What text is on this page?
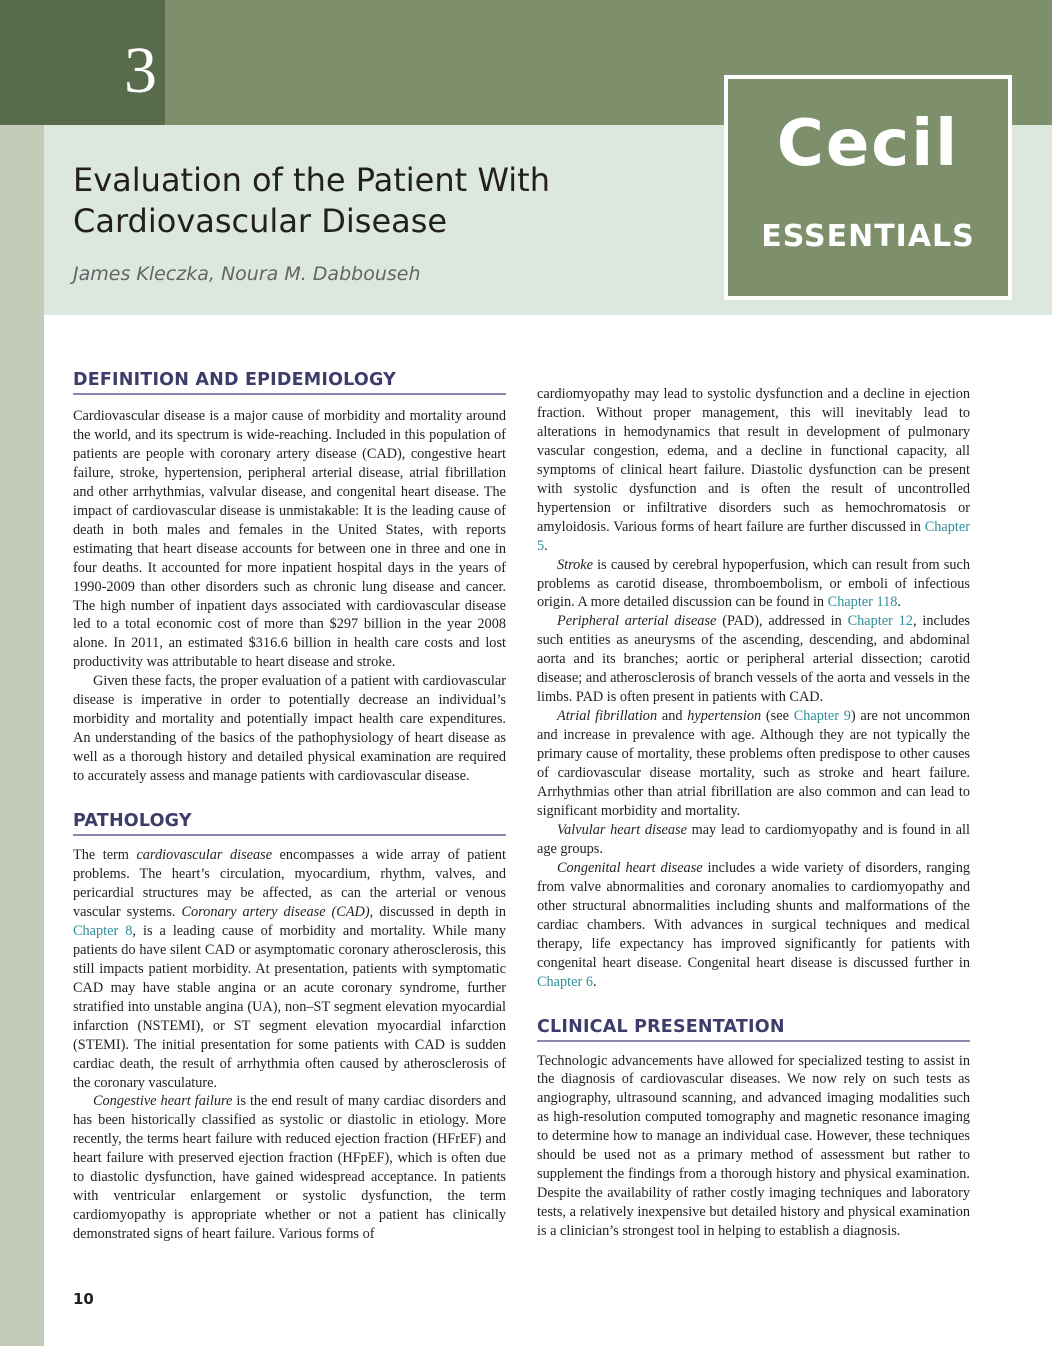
3
Evaluation of the Patient With
Cardiovascular Disease
James Kleczka, Noura M. Dabbouseh
Cecil
ESSENTIALS
DEFINITION AND EPIDEMIOLOGY

Cardiovascular disease is a major cause of morbidity and mortality around the world, and its spectrum is wide-reaching. Included in this population of patients are people with coronary artery disease (CAD), congestive heart failure, stroke, hypertension, peripheral arterial disease, atrial fibrillation and other arrhythmias, valvular disease, and congenital heart disease. The impact of cardiovascular disease is unmistakable: It is the leading cause of death in both males and females in the United States, with reports estimating that heart disease accounts for between one in three and one in four deaths. It accounted for more inpatient hospital days in the years of 1990-2009 than other disorders such as chronic lung disease and cancer. The high number of inpatient days associated with cardiovascular disease led to a total economic cost of more than $297 billion in the year 2008 alone. In 2011, an estimated $316.6 billion in health care costs and lost productivity was attributable to heart disease and stroke.

Given these facts, the proper evaluation of a patient with cardiovascular disease is imperative in order to potentially decrease an individual’s morbidity and mortality and potentially impact health care expenditures. An understanding of the basics of the pathophysiology of heart disease as well as a thorough history and detailed physical examination are required to accurately assess and manage patients with cardiovascular disease.

PATHOLOGY

The term cardiovascular disease encompasses a wide array of patient problems. The heart’s circulation, myocardium, rhythm, valves, and pericardial structures may be affected, as can the arterial or venous vascular systems. Coronary artery disease (CAD), discussed in depth in Chapter 8, is a leading cause of morbidity and mortality. While many patients do have silent CAD or asymptomatic coronary atherosclerosis, this still impacts patient morbidity. At presentation, patients with symptomatic CAD may have stable angina or an acute coronary syndrome, further stratified into unstable angina (UA), non–ST segment elevation myocardial infarction (NSTEMI), or ST segment elevation myocardial infarction (STEMI). The initial presentation for some patients with CAD is sudden cardiac death, the result of arrhythmia often caused by atherosclerosis of the coronary vasculature.

Congestive heart failure is the end result of many cardiac disorders and has been historically classified as systolic or diastolic in etiology. More recently, the terms heart failure with reduced ejection fraction (HFrEF) and heart failure with preserved ejection fraction (HFpEF), which is often due to diastolic dysfunction, have gained widespread acceptance. In patients with ventricular enlargement or systolic dysfunction, the term cardiomyopathy is appropriate whether or not a patient has clinically demonstrated signs of heart failure. Various forms of

cardiomyopathy may lead to systolic dysfunction and a decline in ejection fraction. Without proper management, this will inevitably lead to alterations in hemodynamics that result in development of pulmonary vascular congestion, edema, and a decline in functional capacity, all symptoms of clinical heart failure. Diastolic dysfunction can be present with systolic dysfunction and is often the result of uncontrolled hypertension or infiltrative disorders such as hemochromatosis or amyloidosis. Various forms of heart failure are further discussed in Chapter 5.

Stroke is caused by cerebral hypoperfusion, which can result from such problems as carotid disease, thromboembolism, or emboli of infectious origin. A more detailed discussion can be found in Chapter 118.

Peripheral arterial disease (PAD), addressed in Chapter 12, includes such entities as aneurysms of the ascending, descending, and abdominal aorta and its branches; aortic or peripheral arterial dissection; carotid disease; and atherosclerosis of branch vessels of the aorta and vessels in the limbs. PAD is often present in patients with CAD.

Atrial fibrillation and hypertension (see Chapter 9) are not uncommon and increase in prevalence with age. Although they are not typically the primary cause of mortality, these problems often predispose to other causes of cardiovascular disease mortality, such as stroke and heart failure. Arrhythmias other than atrial fibrillation are also common and can lead to significant morbidity and mortality.

Valvular heart disease may lead to cardiomyopathy and is found in all age groups.

Congenital heart disease includes a wide variety of disorders, ranging from valve abnormalities and coronary anomalies to cardiomyopathy and other structural abnormalities including shunts and malformations of the cardiac chambers. With advances in surgical techniques and medical therapy, life expectancy has improved significantly for patients with congenital heart disease. Congenital heart disease is discussed further in Chapter 6.

CLINICAL PRESENTATION

Technologic advancements have allowed for specialized testing to assist in the diagnosis of cardiovascular diseases. We now rely on such tests as angiography, ultrasound scanning, and advanced imaging modalities such as high-resolution computed tomography and magnetic resonance imaging to determine how to manage an individual case. However, these techniques should be used not as a primary method of assessment but rather to supplement the findings from a thorough history and physical examination. Despite the availability of rather costly imaging techniques and laboratory tests, a relatively inexpensive but detailed history and physical examination is a clinician’s strongest tool in helping to establish a diagnosis.

10
